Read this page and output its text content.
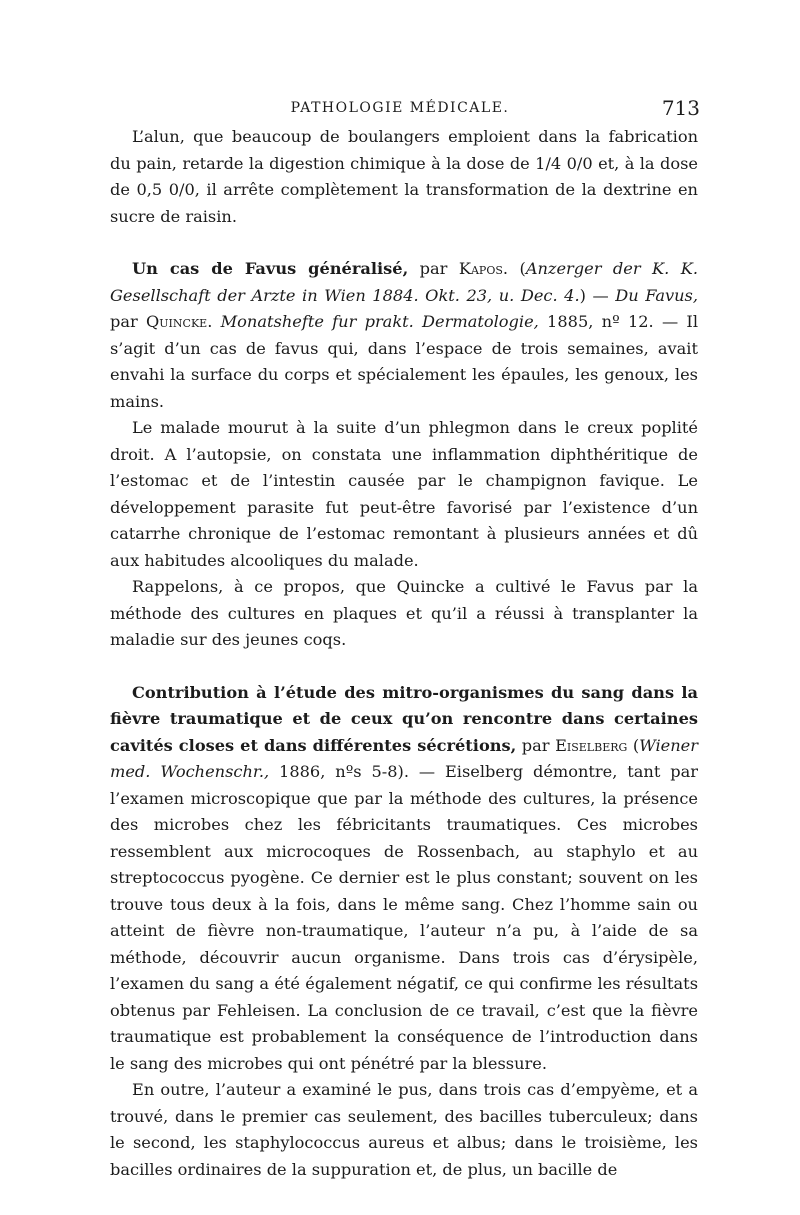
PATHOLOGIE MÉDICALE.	713

L’alun, que beaucoup de boulangers emploient dans la fabrication du pain, retarde la digestion chimique à la dose de 1/4 0/0 et, à la dose de 0,5 0/0, il arrête complètement la transformation de la dextrine en sucre de raisin.

Un cas de Favus généralisé, par Kapos. (Anzerger der K. K. Gesellschaft der Arzte in Wien 1884. Okt. 23, u. Dec. 4.) — Du Favus, par Quincke. Monatshefte fur prakt. Dermatologie, 1885, nº 12. — Il s’agit d’un cas de favus qui, dans l’espace de trois semaines, avait envahi la surface du corps et spécialement les épaules, les genoux, les mains.

Le malade mourut à la suite d’un phlegmon dans le creux poplité droit. A l’autopsie, on constata une inflammation diphthéritique de l’estomac et de l’intestin causée par le champignon favique. Le développement parasite fut peut-être favorisé par l’existence d’un catarrhe chronique de l’estomac remontant à plusieurs années et dû aux habitudes alcooliques du malade.

Rappelons, à ce propos, que Quincke a cultivé le Favus par la méthode des cultures en plaques et qu’il a réussi à transplanter la maladie sur des jeunes coqs.

Contribution à l’étude des mitro-organismes du sang dans la fièvre traumatique et de ceux qu’on rencontre dans certaines cavités closes et dans différentes sécrétions, par Eiselberg (Wiener med. Wochenschr., 1886, nºs 5-8). — Eiselberg démontre, tant par l’examen microscopique que par la méthode des cultures, la présence des microbes chez les fébricitants traumatiques. Ces microbes ressemblent aux microcoques de Rossenbach, au staphylo et au streptococcus pyogène. Ce dernier est le plus constant; souvent on les trouve tous deux à la fois, dans le même sang. Chez l’homme sain ou atteint de fièvre non-traumatique, l’auteur n’a pu, à l’aide de sa méthode, découvrir aucun organisme. Dans trois cas d’érysipèle, l’examen du sang a été également négatif, ce qui confirme les résultats obtenus par Fehleisen. La conclusion de ce travail, c’est que la fièvre traumatique est probablement la conséquence de l’introduction dans le sang des microbes qui ont pénétré par la blessure.

En outre, l’auteur a examiné le pus, dans trois cas d’empyème, et a trouvé, dans le premier cas seulement, des bacilles tuberculeux; dans le second, les staphylococcus aureus et albus; dans le troisième, les bacilles ordinaires de la suppuration et, de plus, un bacille de
